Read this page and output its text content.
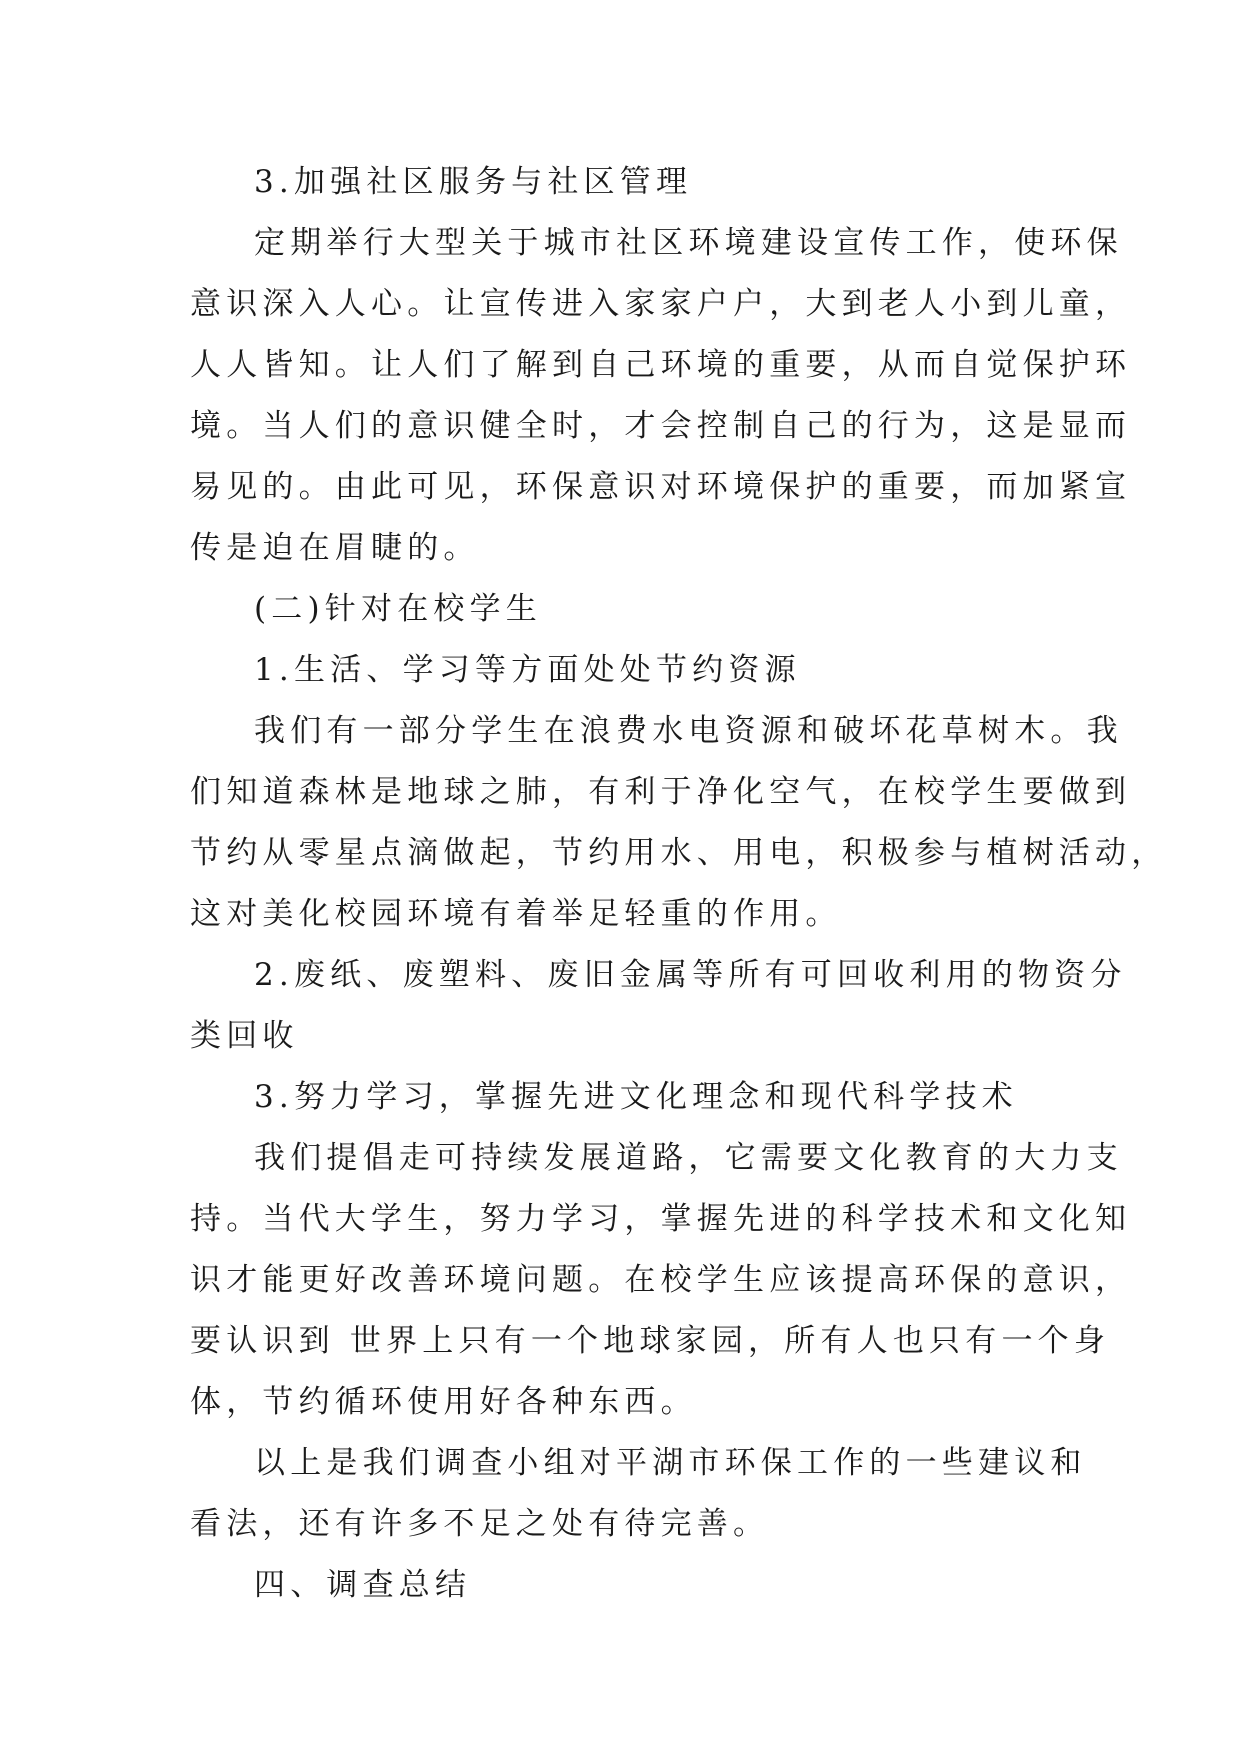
3.加强社区服务与社区管理
定期举行大型关于城市社区环境建设宣传工作，使环保
意识深入人心。让宣传进入家家户户，大到老人小到儿童，
人人皆知。让人们了解到自己环境的重要，从而自觉保护环
境。当人们的意识健全时，才会控制自己的行为，这是显而
易见的。由此可见，环保意识对环境保护的重要，而加紧宣
传是迫在眉睫的。
(二)针对在校学生
1.生活、学习等方面处处节约资源
我们有一部分学生在浪费水电资源和破坏花草树木。我
们知道森林是地球之肺，有利于净化空气，在校学生要做到
节约从零星点滴做起，节约用水、用电，积极参与植树活动，
这对美化校园环境有着举足轻重的作用。
2.废纸、废塑料、废旧金属等所有可回收利用的物资分
类回收
3.努力学习，掌握先进文化理念和现代科学技术
我们提倡走可持续发展道路，它需要文化教育的大力支
持。当代大学生，努力学习，掌握先进的科学技术和文化知
识才能更好改善环境问题。在校学生应该提高环保的意识，
要认识到 世界上只有一个地球家园，所有人也只有一个身
体，节约循环使用好各种东西。
以上是我们调查小组对平湖市环保工作的一些建议和
看法，还有许多不足之处有待完善。
四、调查总结
